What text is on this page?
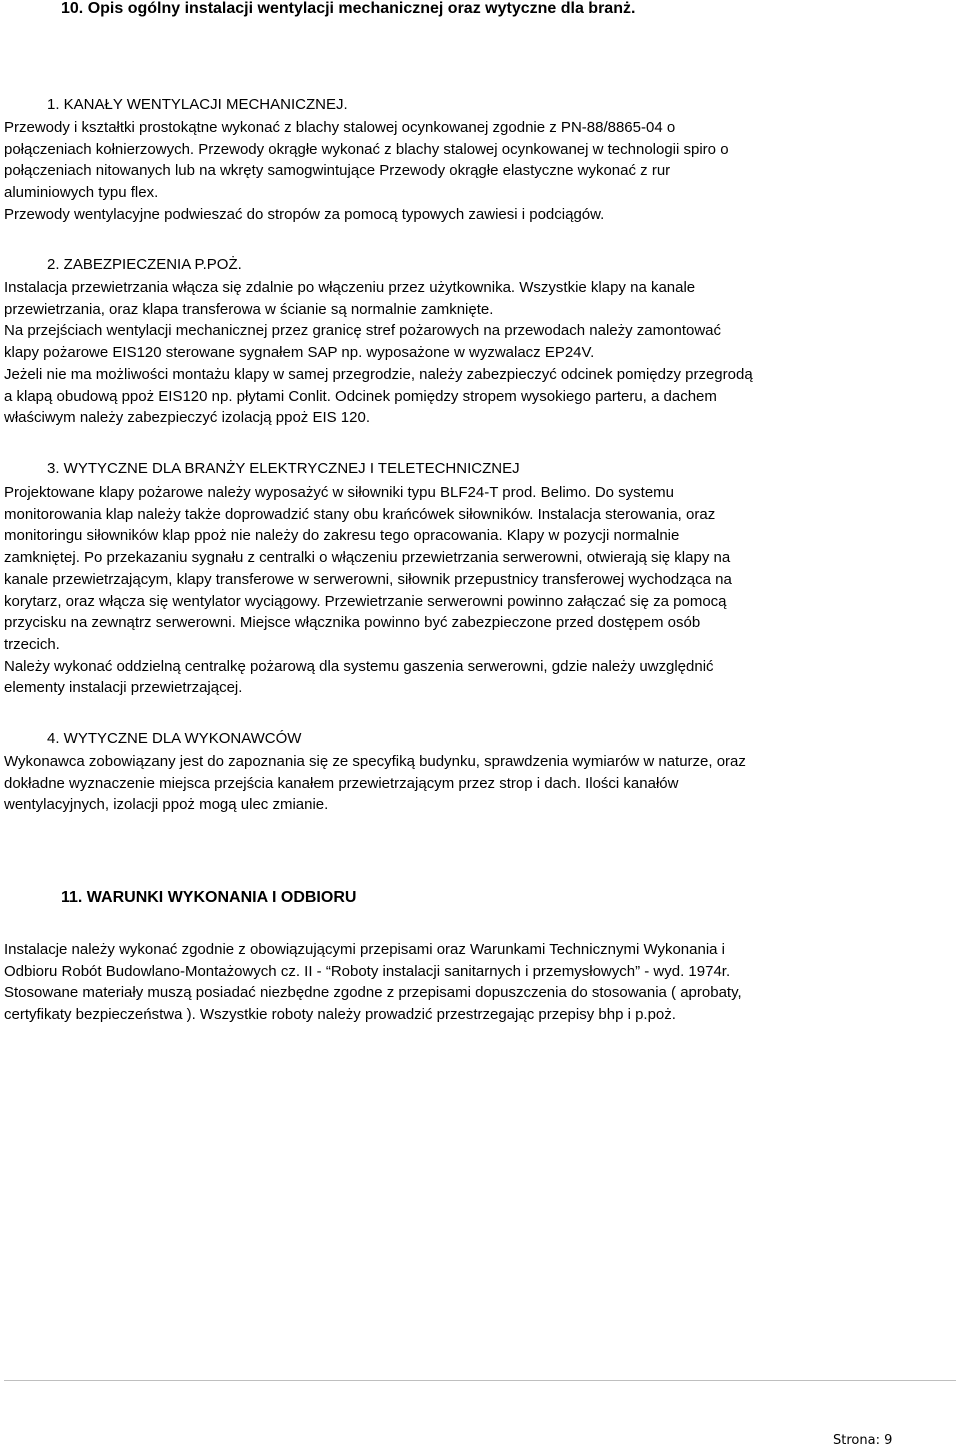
10. Opis ogólny instalacji wentylacji mechanicznej oraz wytyczne dla branż.
1. KANAŁY WENTYLACJI MECHANICZNEJ.
Przewody i kształtki prostokątne wykonać z blachy stalowej ocynkowanej zgodnie z PN-88/8865-04 o
połączeniach kołnierzowych. Przewody okrągłe wykonać z blachy stalowej ocynkowanej w technologii spiro o
połączeniach nitowanych lub na wkręty samogwintujące Przewody okrągłe elastyczne wykonać z rur
aluminiowych typu flex.
Przewody wentylacyjne podwieszać do stropów za pomocą typowych zawiesi i podciągów.
2. ZABEZPIECZENIA P.POŻ.
Instalacja przewietrzania włącza się zdalnie po włączeniu przez użytkownika. Wszystkie klapy na kanale
przewietrzania, oraz klapa transferowa w ścianie są normalnie zamknięte.
Na przejściach wentylacji mechanicznej przez granicę stref pożarowych na przewodach należy zamontować
klapy pożarowe EIS120 sterowane sygnałem SAP np. wyposażone w wyzwalacz EP24V.
Jeżeli nie ma możliwości montażu klapy w samej przegrodzie, należy zabezpieczyć odcinek pomiędzy przegrodą
a klapą obudową ppoż EIS120 np. płytami Conlit. Odcinek pomiędzy stropem wysokiego parteru, a dachem
właściwym należy zabezpieczyć izolacją ppoż EIS 120.
3. WYTYCZNE DLA BRANŻY ELEKTRYCZNEJ I TELETECHNICZNEJ
Projektowane klapy pożarowe należy wyposażyć w siłowniki typu BLF24-T prod. Belimo. Do systemu
monitorowania klap należy także doprowadzić stany obu krańcówek siłowników. Instalacja sterowania, oraz
monitoringu siłowników klap ppoż nie należy do zakresu tego opracowania. Klapy w pozycji normalnie
zamkniętej. Po przekazaniu sygnału z centralki o włączeniu przewietrzania serwerowni, otwierają się klapy na
kanale przewietrzającym, klapy transferowe w serwerowni, siłownik przepustnicy transferowej wychodząca na
korytarz, oraz włącza się wentylator wyciągowy. Przewietrzanie serwerowni powinno załączać się za pomocą
przycisku na zewnątrz serwerowni. Miejsce włącznika powinno być zabezpieczone przed dostępem osób
trzecich.
Należy wykonać oddzielną centralkę pożarową dla systemu gaszenia serwerowni, gdzie należy uwzględnić
elementy instalacji przewietrzającej.
4. WYTYCZNE DLA WYKONAWCÓW
Wykonawca zobowiązany jest do zapoznania się ze specyfiką budynku, sprawdzenia wymiarów w naturze, oraz
dokładne wyznaczenie miejsca przejścia kanałem przewietrzającym przez strop i dach. Ilości kanałów
wentylacyjnych, izolacji ppoż mogą ulec zmianie.
11. WARUNKI WYKONANIA I ODBIORU
Instalacje należy wykonać zgodnie z obowiązującymi przepisami oraz Warunkami Technicznymi Wykonania i
Odbioru Robót Budowlano-Montażowych cz. II - “Roboty instalacji sanitarnych i przemysłowych” - wyd. 1974r.
Stosowane materiały muszą posiadać niezbędne zgodne z przepisami dopuszczenia do stosowania ( aprobaty,
certyfikaty bezpieczeństwa ). Wszystkie roboty należy prowadzić przestrzegając przepisy bhp i p.poż.
Strona: 9
